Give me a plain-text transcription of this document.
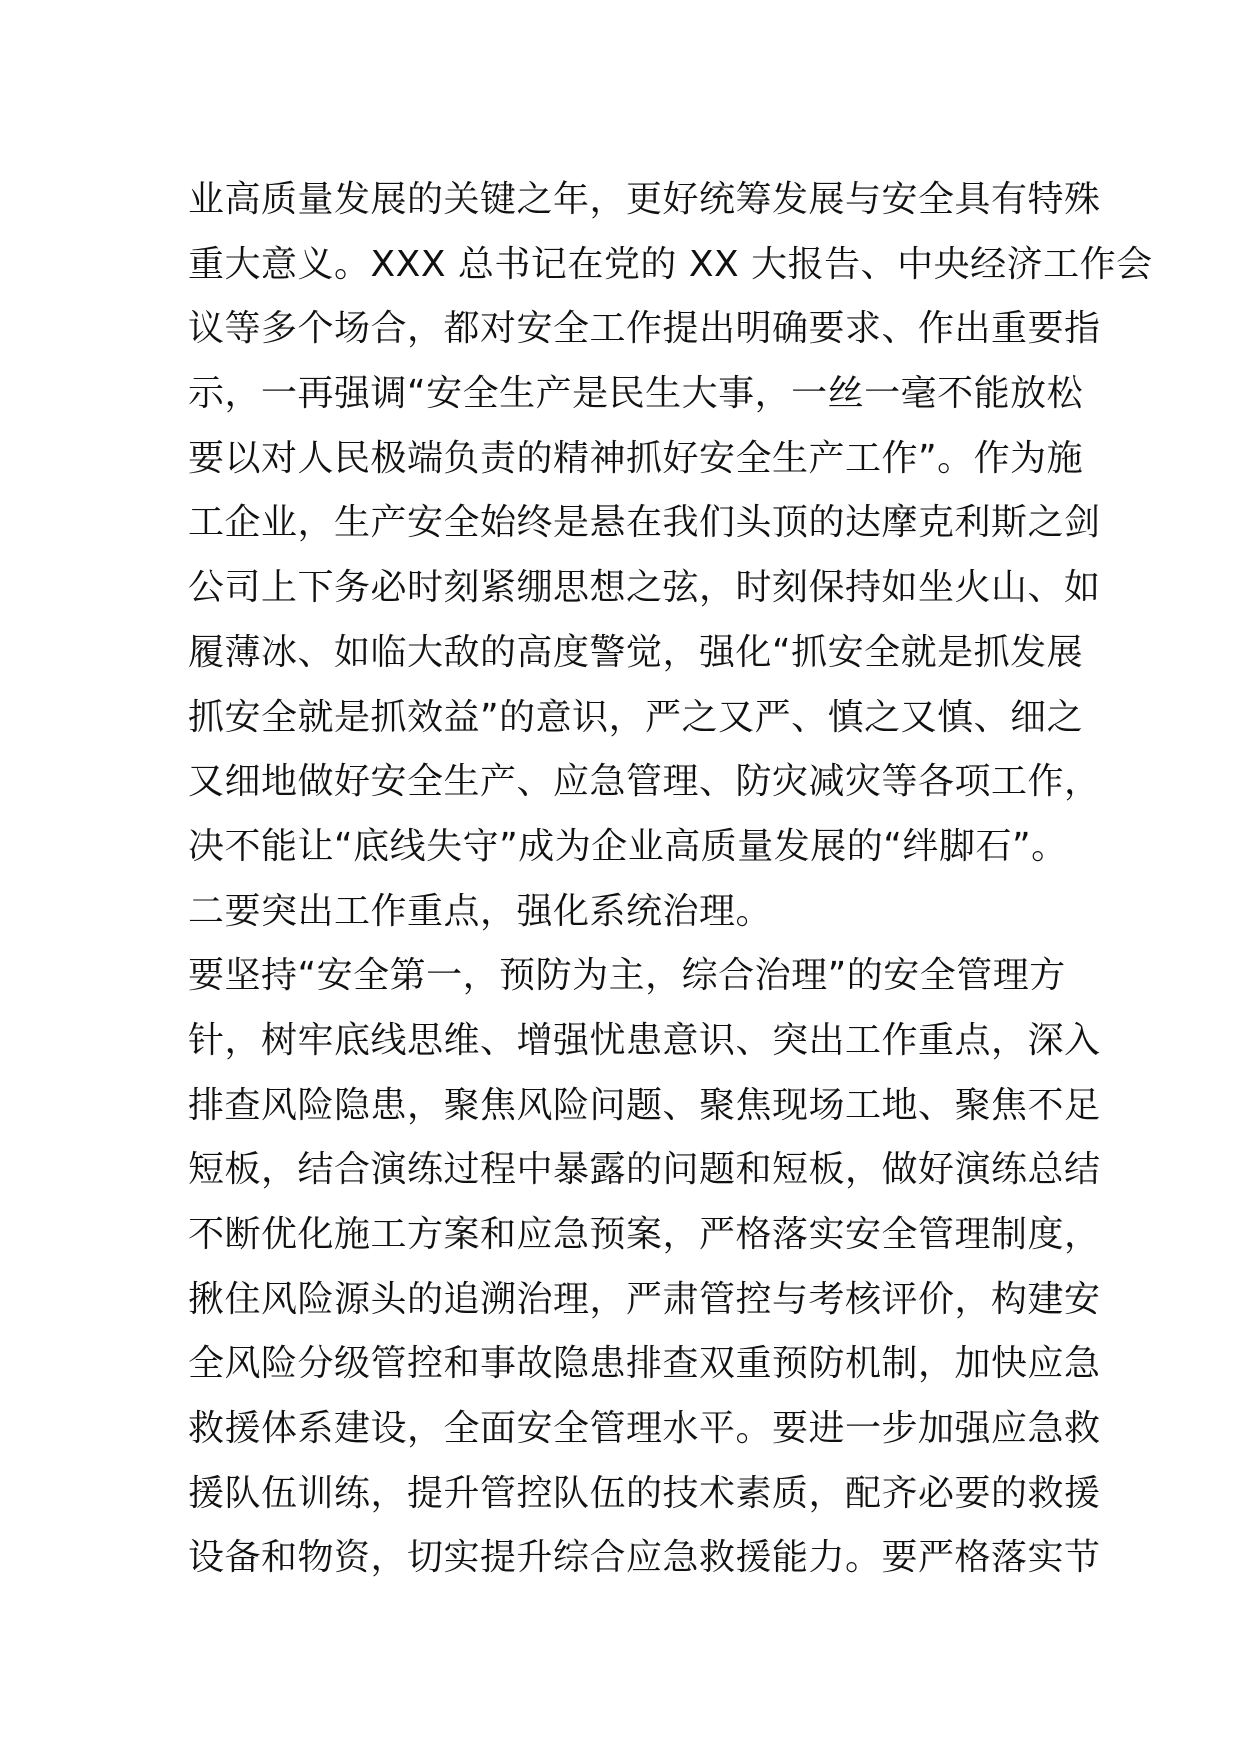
业高质量发展的关键之年，更好统筹发展与安全具有特殊
重大意义。XXX 总书记在党的 XX 大报告、中央经济工作会
议等多个场合，都对安全工作提出明确要求、作出重要指
示，一再强调“安全生产是民生大事，一丝一毫不能放松
要以对人民极端负责的精神抓好安全生产工作”。作为施
工企业，生产安全始终是悬在我们头顶的达摩克利斯之剑
公司上下务必时刻紧绷思想之弦，时刻保持如坐火山、如
履薄冰、如临大敌的高度警觉，强化“抓安全就是抓发展
抓安全就是抓效益”的意识，严之又严、慎之又慎、细之
又细地做好安全生产、应急管理、防灾减灾等各项工作，
决不能让“底线失守”成为企业高质量发展的“绊脚石”。
二要突出工作重点，强化系统治理。
要坚持“安全第一，预防为主，综合治理”的安全管理方
针，树牢底线思维、增强忧患意识、突出工作重点，深入
排查风险隐患，聚焦风险问题、聚焦现场工地、聚焦不足
短板，结合演练过程中暴露的问题和短板，做好演练总结
不断优化施工方案和应急预案，严格落实安全管理制度，
揪住风险源头的追溯治理，严肃管控与考核评价，构建安
全风险分级管控和事故隐患排查双重预防机制，加快应急
救援体系建设，全面安全管理水平。要进一步加强应急救
援队伍训练，提升管控队伍的技术素质，配齐必要的救援
设备和物资，切实提升综合应急救援能力。要严格落实节
